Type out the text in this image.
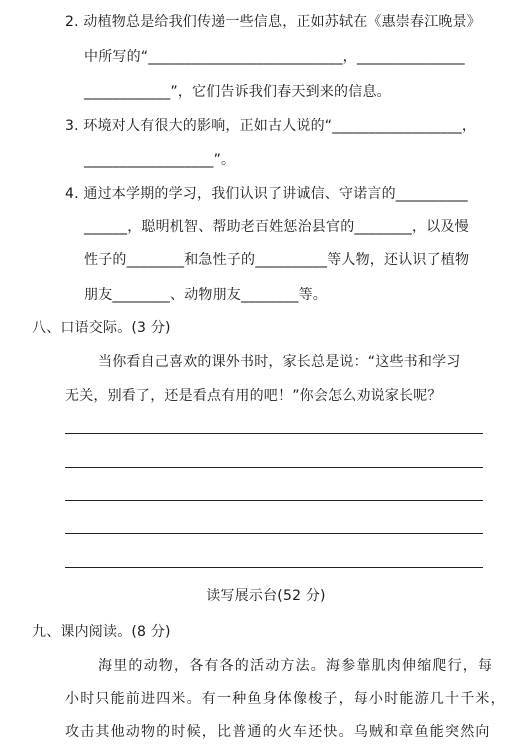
2. 动植物总是给我们传递一些信息，正如苏轼在《惠崇春江晚景》
中所写的“___________________________，_______________
____________”，它们告诉我们春天到来的信息。
3. 环境对人有很大的影响，正如古人说的“__________________，
__________________”。
4. 通过本学期的学习，我们认识了讲诚信、守诺言的__________
______，聪明机智、帮助老百姓惩治县官的________，以及慢
性子的________和急性子的__________等人物，还认识了植物
朋友________、动物朋友________等。
八、口语交际。(3 分)
当你看自己喜欢的课外书时，家长总是说：“这些书和学习
无关，别看了，还是看点有用的吧！”你会怎么劝说家长呢？
读写展示台(52 分)
九、课内阅读。(8 分)
海里的动物，各有各的活动方法。海参靠肌肉伸缩爬行，每
小时只能前进四米。有一种鱼身体像梭子，每小时能游几十千米，
攻击其他动物的时候，比普通的火车还快。乌贼和章鱼能突然向
